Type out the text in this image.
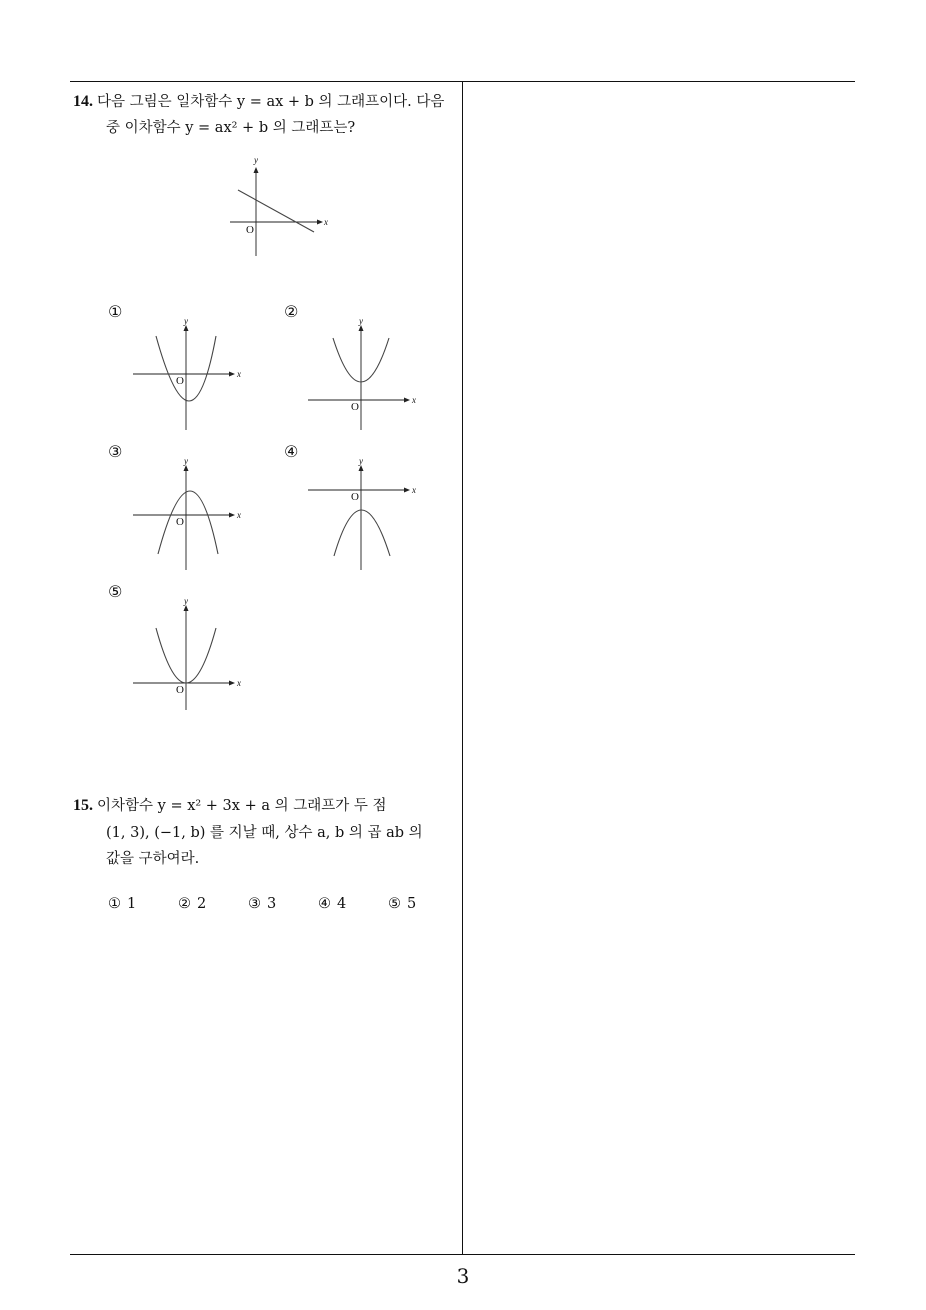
14. 다음 그림은 일차함수 y = ax + b 의 그래프이다. 다음
중 이차함수 y = ax² + b 의 그래프는?
y
x
O
①	y
x
O
②	y
x
O
③	y
x
O
④	y
x
O
⑤	y
x
O
15. 이차함수 y = x² + 3x + a 의 그래프가 두 점
(1, 3), (−1, b) 를 지날 때, 상수 a, b 의 곱 ab 의
값을 구하여라.
① 1	② 2	③ 3	④ 4	⑤ 5
3
